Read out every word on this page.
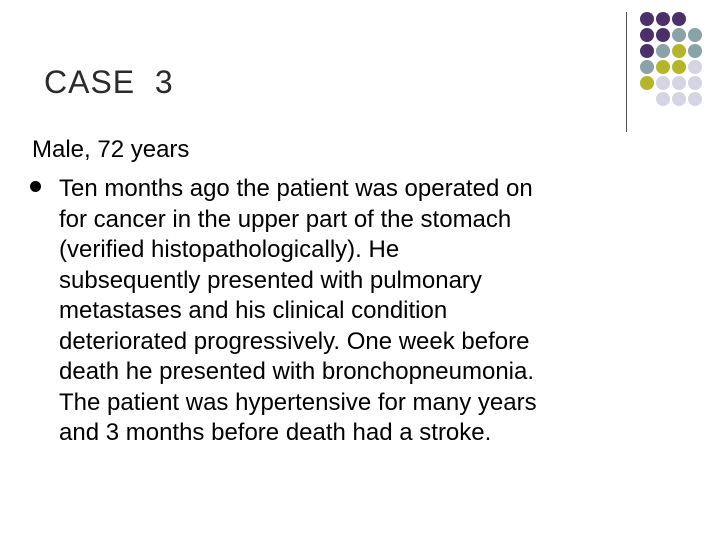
CASE  3
Male, 72 years

Ten months ago the patient was operated on
for cancer in the upper part of the stomach
(verified histopathologically). He
subsequently presented with pulmonary
metastases and his clinical condition
deteriorated progressively. One week before
death he presented with bronchopneumonia.
The patient was hypertensive for many years
and 3 months before death had a stroke.
